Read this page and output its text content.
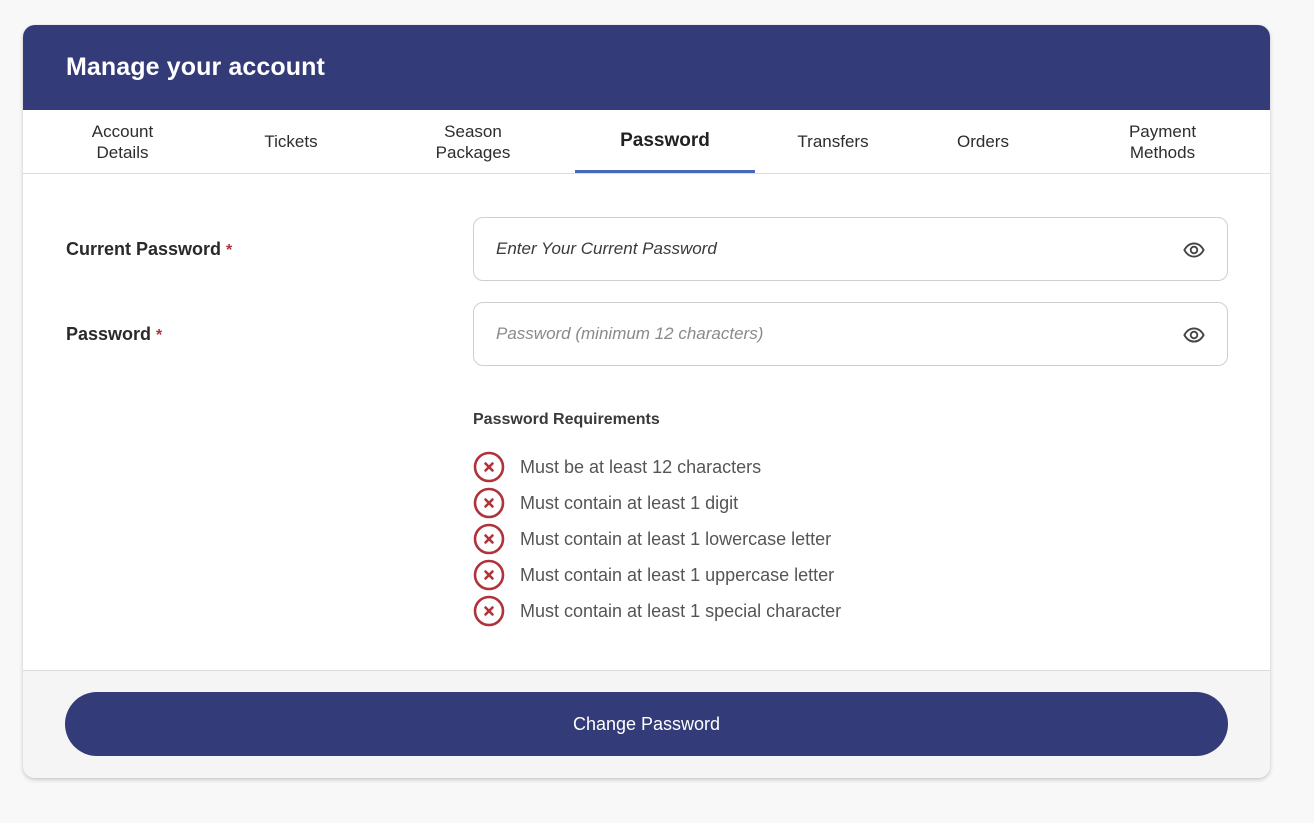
Manage your account
Account
Details
Tickets
Season
Packages
Password	Transfers	Orders
Payment
Methods
Current Password *
Password *
Password Requirements
Must be at least 12 characters
Must contain at least 1 digit
Must contain at least 1 lowercase letter
Must contain at least 1 uppercase letter
Must contain at least 1 special character
Change Password
